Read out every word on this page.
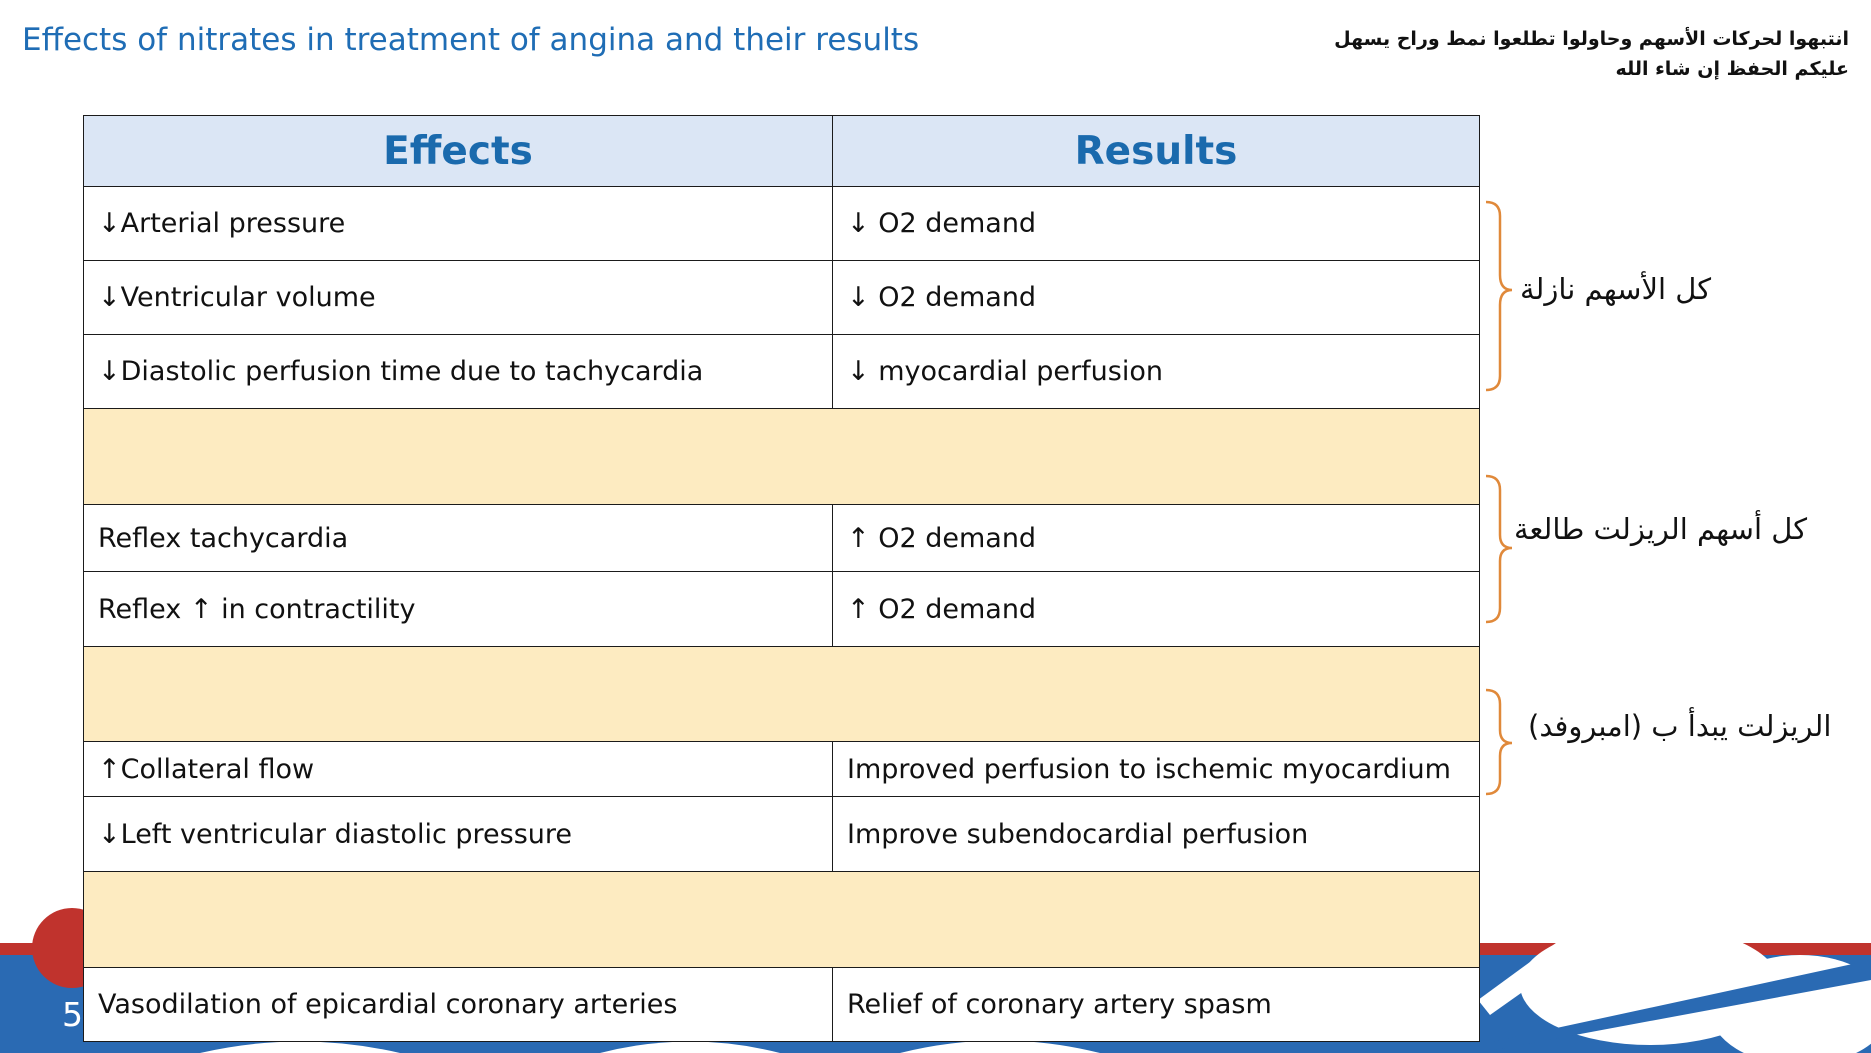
Effects of nitrates in treatment of angina and their results	انتبهوا لحركات الأسهم وحاولوا تطلعوا نمط وراح يسهل
عليكم الحفظ إن شاء الله
Effects	Results
↓Arterial pressure	↓ O2 demand
↓Ventricular volume	↓ O2 demand
↓Diastolic perfusion time due to tachycardia	↓ myocardial perfusion

Reflex tachycardia	↑ O2 demand
Reflex ↑ in contractility	↑ O2 demand

↑Collateral flow	Improved perfusion to ischemic myocardium
↓Left ventricular diastolic pressure	Improve subendocardial perfusion

Vasodilation of epicardial coronary arteries	Relief of coronary artery spasm
كل الأسهم نازلة
كل أسهم الريزلت طالعة
الريزلت يبدأ ب (امبروفد)
5
